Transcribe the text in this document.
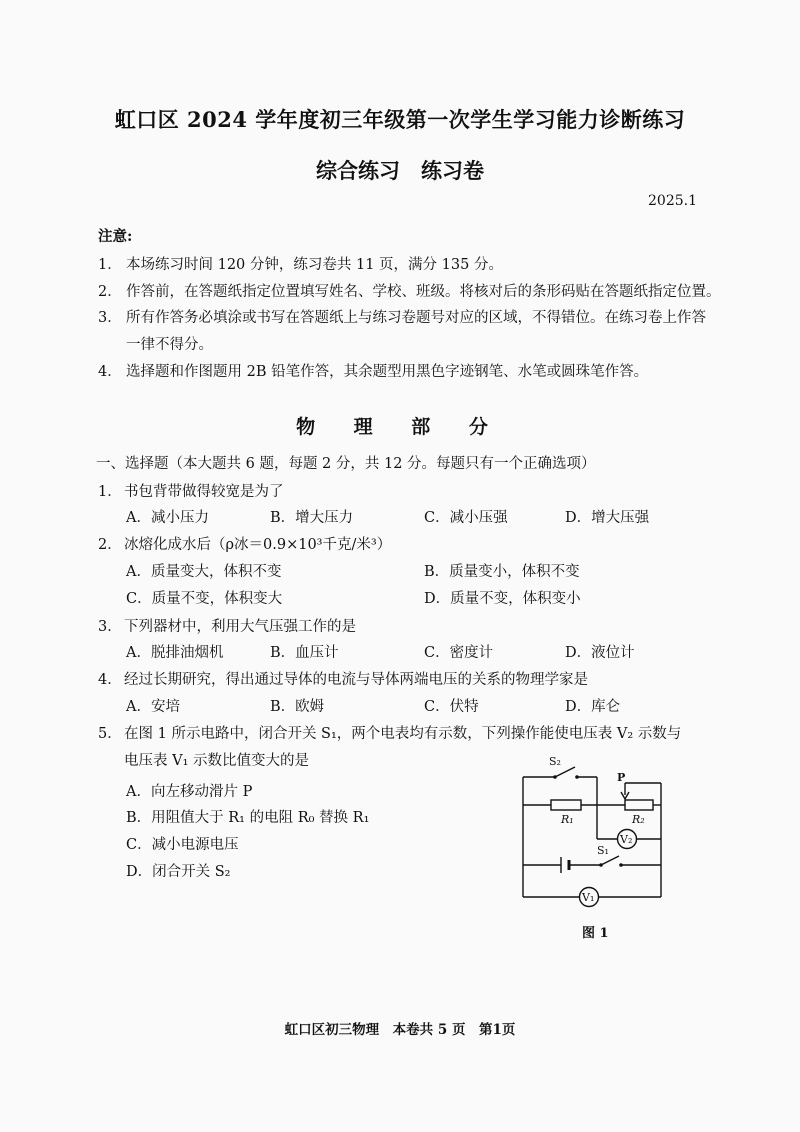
虹口区 2024 学年度初三年级第一次学生学习能力诊断练习
综合练习　练习卷
2025.1
注意:
1． 本场练习时间 120 分钟，练习卷共 11 页，满分 135 分。
2． 作答前，在答题纸指定位置填写姓名、学校、班级。将核对后的条形码贴在答题纸指定位置。
3． 所有作答务必填涂或书写在答题纸上与练习卷题号对应的区域，不得错位。在练习卷上作答
一律不得分。
4． 选择题和作图题用 2B 铅笔作答，其余题型用黑色字迹钢笔、水笔或圆珠笔作答。
物 理 部 分
一、选择题（本大题共 6 题，每题 2 分，共 12 分。每题只有一个正确选项）
1． 书包背带做得较宽是为了
A．减小压力	B．增大压力	C．减小压强	D．增大压强
2． 冰熔化成水后（ρ冰＝0.9×10³千克/米³）
A．质量变大，体积不变	B．质量变小，体积不变
C．质量不变，体积变大	D．质量不变，体积变小
3． 下列器材中，利用大气压强工作的是
A．脱排油烟机	B．血压计	C．密度计	D．液位计
4． 经过长期研究，得出通过导体的电流与导体两端电压的关系的物理学家是
A．安培	B．欧姆	C．伏特	D．库仑
5． 在图 1 所示电路中，闭合开关 S₁，两个电表均有示数，下列操作能使电压表 V₂ 示数与
电压表 V₁ 示数比值变大的是
A．向左移动滑片 P
B．用阻值大于 R₁ 的电阻 R₀ 替换 R₁
C．减小电源电压
D．闭合开关 S₂
S₂
P
R₁	R₂
V₂
S₁
V₁
图 1
虹口区初三物理　本卷共 5 页　第1页
